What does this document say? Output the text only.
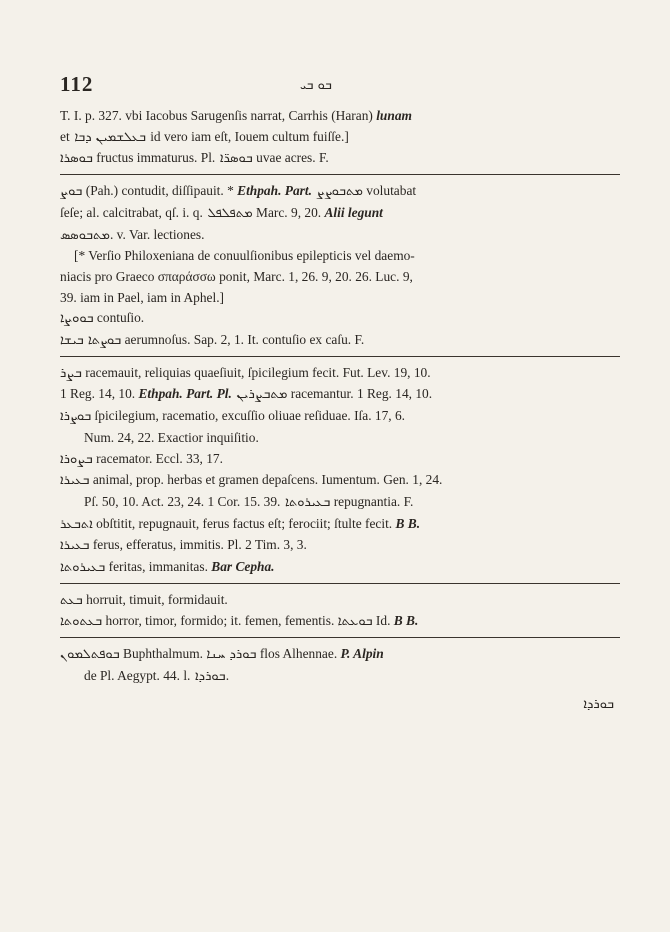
112	ܒܘ ܒܝ
T. I. p. 327. vbi Iacobus Sarugenſis narrat, Carrhis (Haran) lunam
et ܒܥܠܫܡܝܢ ܕܒܐ id vero iam eſt, Iouem cultum fuiſſe.]
ܒܘܣܪܐ fructus immaturus. Pl. ܒܘܣܪ̈ܐ uvae acres. F.
ܒܘܨ (Pah.) contudit, diſſipauit. * Ethpah. Part. ܡܬܒܘܨܨ volutabat
ſeſe; al. calcitrabat, qſ. i. q. ܡܬܦܠܦܠ Marc. 9, 20. Alii legunt
ܡܬܒܘܣܣ. v. Var. lectiones.
[* Verſio Philoxeniana de conuulſionibus epilepticis vel daemo-
niacis pro Graeco σπαράσσω ponit, Marc. 1, 26. 9, 20. 26. Luc. 9,
39. iam in Pael, iam in Aphel.]
ܒܘܘܨܐ contuſio.
ܒܘܨܬܐ ܒܝܫܐ aerumnoſus. Sap. 2, 1. It. contuſio ex caſu. F.
ܒܨܪ racemauit, reliquias quaeſiuit, ſpicilegium fecit. Fut. Lev. 19, 10.
1 Reg. 14, 10. Ethpah. Part. Pl. ܡܬܒܨܪܝܢ racemantur. 1 Reg. 14, 10.
ܒܘܨܪܐ ſpicilegium, racematio, excuſſio oliuae reſiduae. Iſa. 17, 6.
Num. 24, 22. Exactior inquiſitio.
ܒܨܘܪܐ racemator. Eccl. 33, 17.
ܒܥܝܪܐ animal, prop. herbas et gramen depaſcens. Iumentum. Gen. 1, 24.
Pſ. 50, 10. Act. 23, 24. 1 Cor. 15. 39. ܒܥܝܪܘܬܐ repugnantia. F.
ܐܬܒܥܪ obſtitit, repugnauit, ferus factus eſt; ferociit; ſtulte fecit. B B.
ܒܥܝܪܐ ferus, efferatus, immitis. Pl. 2 Tim. 3, 3.
ܒܥܝܪܘܬܐ feritas, immanitas. Bar Cepha.
ܒܥܬ horruit, timuit, formidauit.
ܒܥܬܘܬܐ horror, timor, formido; it. femen, fementis. ܒܘܥܬܐ Id. B B.
ܒܘܦܬܠܡܘܢ Buphthalmum. ܒܘܪܕ ܚܢܐ flos Alhennae. P. Alpin
de Pl. Aegypt. 44. l. ܒܘܪܕܐ.
ܒܘܪܕܐ
